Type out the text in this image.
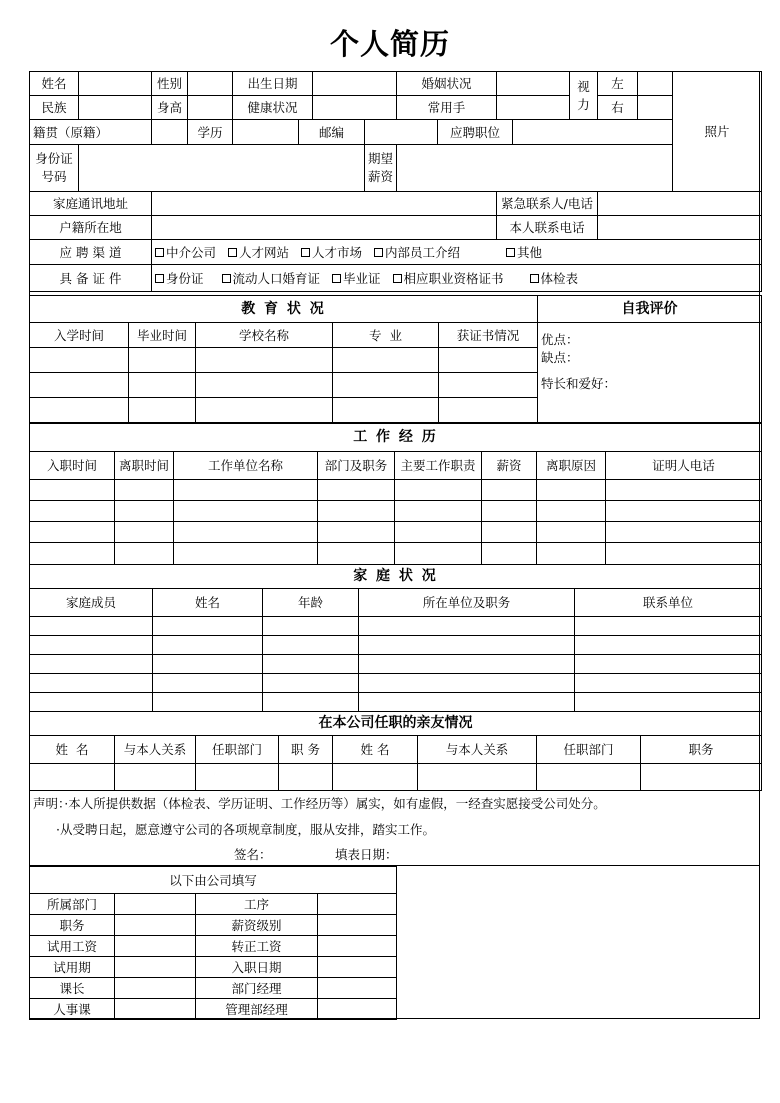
个人简历
姓名		性别		出生日期				婚姻状况				视力	左		照片	
民族		身高		健康状况				常用手					右			
籍贯（原籍）			学历		邮编				应聘职位							
身份证号码							期望薪资									
家庭通讯地址										紧急联系人/电话						
户籍所在地										本人联系电话						
应 聘 渠 道		中介公司 人才网站 人才市场 内部员工介绍 其他														
具 备 证 件		身份证 流动人口婚育证 毕业证 相应职业资格证书 体检表														
教 育 状 况					自我评价
入学时间	毕业时间	学校名称	专  业	获证书情况	优点：
缺点：
特长和爱好：

工 作 经 历							
入职时间	离职时间	工作单位名称	部门及职务	主要工作职责	薪资	离职原因	证明人电话

家 庭 状 况				
家庭成员	姓名	年龄	所在单位及职务	联系单位

在本公司任职的亲友情况							
姓  名	与本人关系	任职部门	职 务	姓 名	与本人关系	任职部门	职务

声明：·本人所提供数据（体检表、学历证明、工作经历等）属实，如有虚假，一经查实愿接受公司处分。
·从受聘日起，愿意遵守公司的各项规章制度，服从安排，踏实工作。
签名：	填表日期：
以下由公司填写			
所属部门		工序	
职务		薪资级别	
试用工资		转正工资	
试用期		入职日期	
课长		部门经理	
人事课		管理部经理	
